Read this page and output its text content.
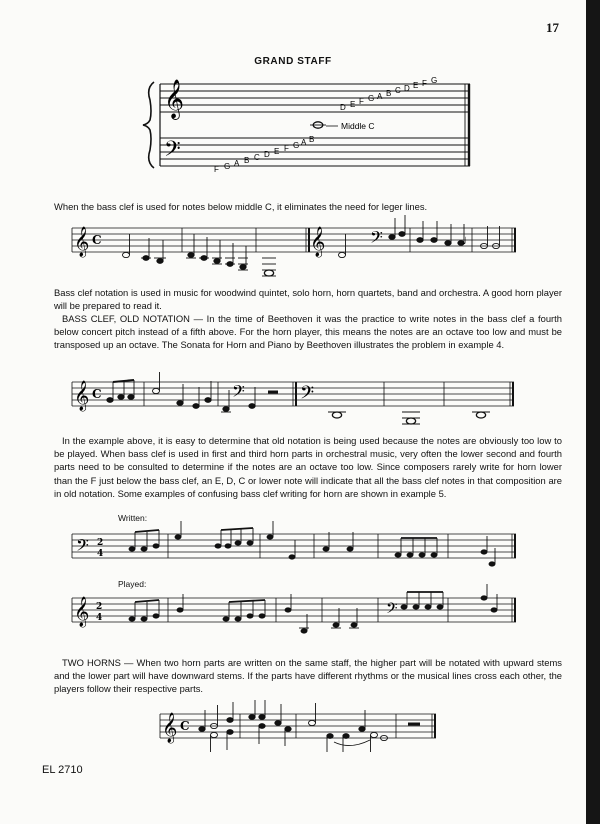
17
GRAND STAFF
𝄞
𝄢
D E F G A B C D E F G
F G A B C D E F G A B
Middle C

When the bass clef is used for notes below middle C, it eliminates the need for leger lines.

𝄞 C	𝄞 𝄢	♩

Bass clef notation is used in music for woodwind quintet, solo horn, horn quartets, band and orchestra. A good horn player will be prepared to read it.

BASS CLEF, OLD NOTATION — In the time of Beethoven it was the practice to write notes in the bass clef a fourth below concert pitch instead of a fifth above. For the horn player, this means the notes are an octave too low and must be transposed up an octave. The Sonata for Horn and Piano by Beethoven illustrates the problem in example 4.

𝄞 C	𝄢	𝄢

In the example above, it is easy to determine that old notation is being used because the notes are obviously too low to be played. When bass clef is used in first and third horn parts in orchestral music, very often the lower second and fourth parts need to be consulted to determine if the notes are an octave too low. Since composers rarely write for horn lower than the F just below the bass clef, an E, D, C or lower note will indicate that all the bass clef notes in that composition are in old notation. Some examples of confusing bass clef writing for horn are shown in example 5.

Written:
𝄢 2
4
Played:
𝄞 2
4	𝄢

TWO HORNS — When two horn parts are written on the same staff, the higher part will be notated with upward stems and the lower part will have downward stems. If the parts have different rhythms or the musical lines cross each other, the players follow their respective parts.

𝄞 C
EL 2710
